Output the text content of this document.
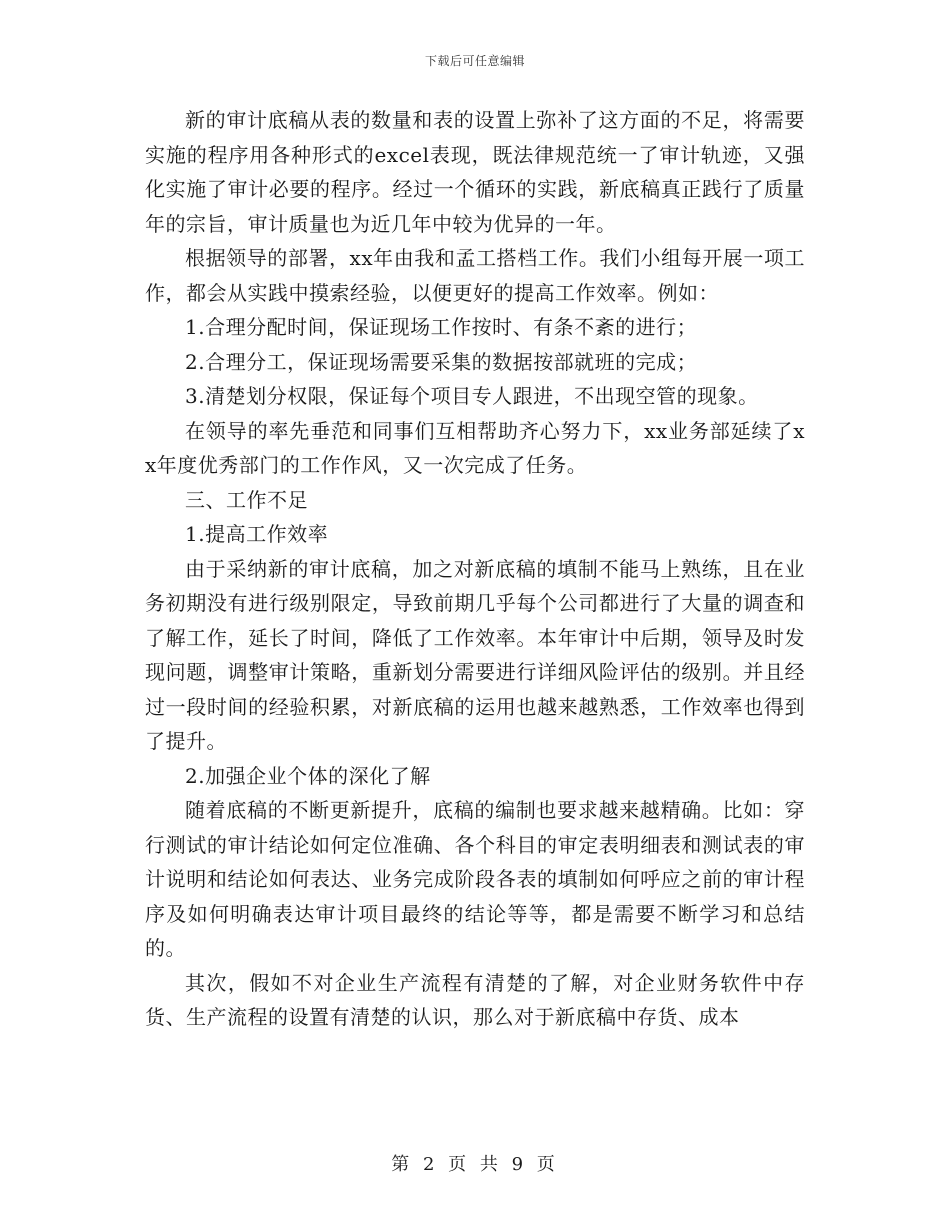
下载后可任意编辑

新的审计底稿从表的数量和表的设置上弥补了这方面的不足，将需要实施的程序用各种形式的excel表现，既法律规范统一了审计轨迹，又强化实施了审计必要的程序。经过一个循环的实践，新底稿真正践行了质量年的宗旨，审计质量也为近几年中较为优异的一年。

根据领导的部署，xx年由我和孟工搭档工作。我们小组每开展一项工作，都会从实践中摸索经验，以便更好的提高工作效率。例如：

1.合理分配时间，保证现场工作按时、有条不紊的进行；

2.合理分工，保证现场需要采集的数据按部就班的完成；

3.清楚划分权限，保证每个项目专人跟进，不出现空管的现象。

在领导的率先垂范和同事们互相帮助齐心努力下，xx业务部延续了xx年度优秀部门的工作作风，又一次完成了任务。

三、工作不足

1.提高工作效率

由于采纳新的审计底稿，加之对新底稿的填制不能马上熟练，且在业务初期没有进行级别限定，导致前期几乎每个公司都进行了大量的调查和了解工作，延长了时间，降低了工作效率。本年审计中后期，领导及时发现问题，调整审计策略，重新划分需要进行详细风险评估的级别。并且经过一段时间的经验积累，对新底稿的运用也越来越熟悉，工作效率也得到了提升。

2.加强企业个体的深化了解

随着底稿的不断更新提升，底稿的编制也要求越来越精确。比如：穿行测试的审计结论如何定位准确、各个科目的审定表明细表和测试表的审计说明和结论如何表达、业务完成阶段各表的填制如何呼应之前的审计程序及如何明确表达审计项目最终的结论等等，都是需要不断学习和总结的。

其次，假如不对企业生产流程有清楚的了解，对企业财务软件中存货、生产流程的设置有清楚的认识，那么对于新底稿中存货、成本

第 2 页 共 9 页
